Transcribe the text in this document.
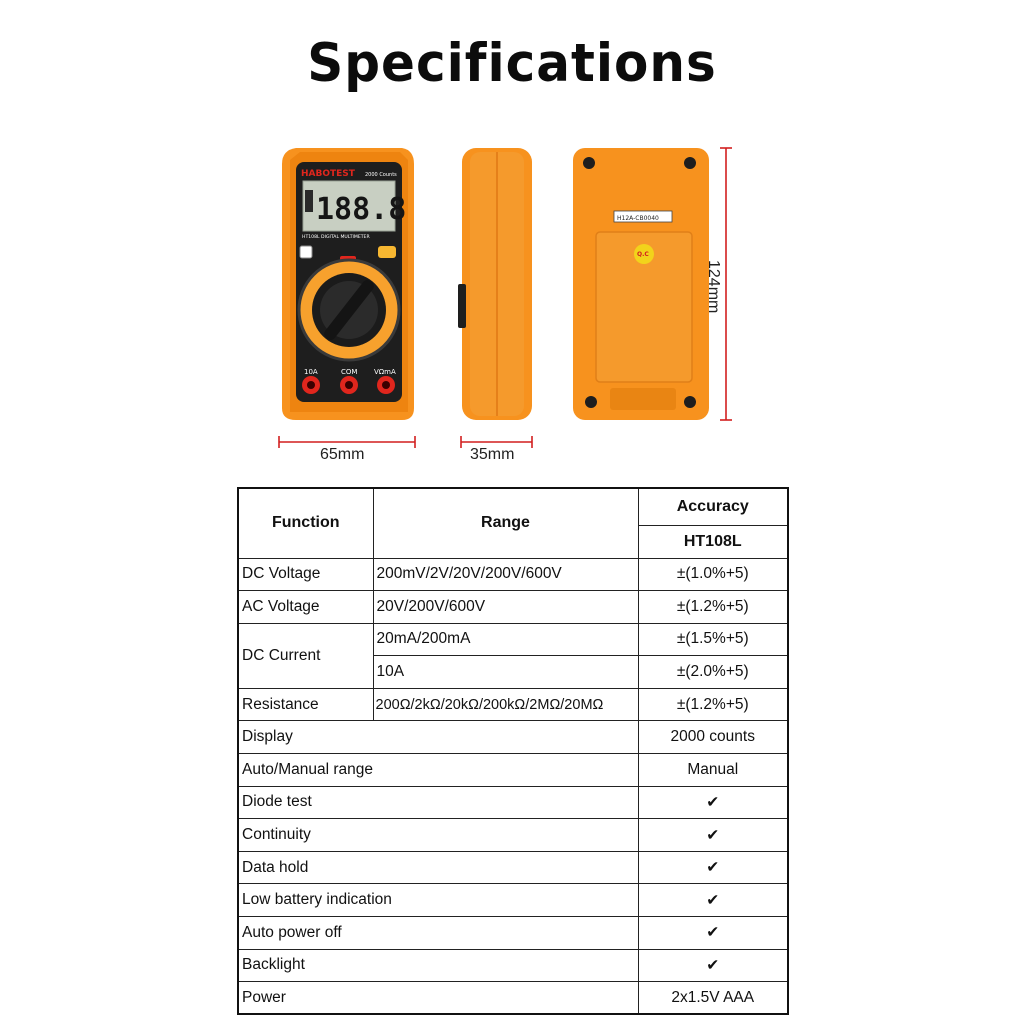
Specifications
HABOTEST 2000 Counts
188.8
HT108L DIGITAL MULTIMETER
10A	COM VΩmA
H12A-CB0040
Q.C
65mm	35mm
124mm
Function	Range	Accuracy
		HT108L
DC Voltage	200mV/2V/20V/200V/600V	±(1.0%+5)
AC Voltage	20V/200V/600V	±(1.2%+5)
DC Current	20mA/200mA	±(1.5%+5)
	10A	±(2.0%+5)
Resistance	200Ω/2kΩ/20kΩ/200kΩ/2MΩ/20MΩ	±(1.2%+5)
Display		2000 counts
Auto/Manual range		Manual
Diode test		✔
Continuity		✔
Data hold		✔
Low battery indication		✔
Auto power off		✔
Backlight		✔
Power		2x1.5V AAA
